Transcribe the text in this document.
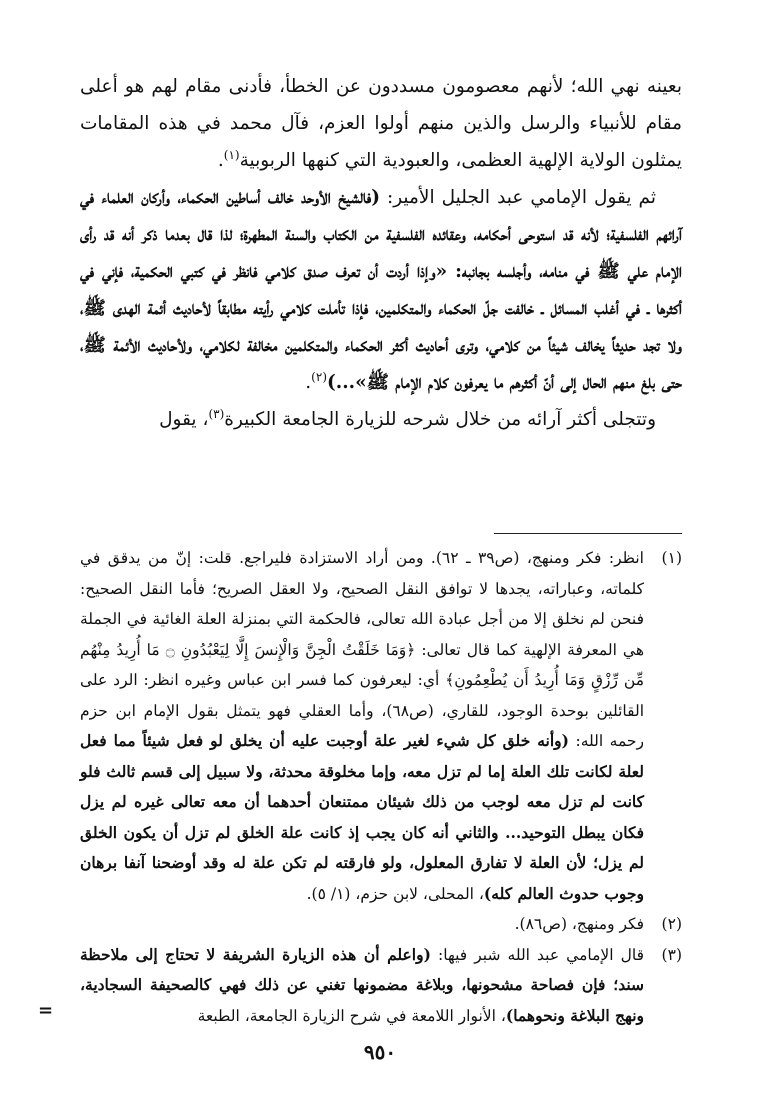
بعينه نهي الله؛ لأنهم معصومون مسددون عن الخطأ، فأدنى مقام لهم هو أعلى مقام للأنبياء والرسل والذين منهم أولوا العزم، فآل محمد في هذه المقامات يمثلون الولاية الإلهية العظمى، والعبودية التي كنهها الربوبية$^{(١)}$.

ثم يقول الإمامي عبد الجليل الأمير: (فالشيخ الأوحد خالف أساطين الحكماء، وأركان العلماء في آرائهم الفلسفية؛ لأنه قد استوحى أحكامه، وعقائده الفلسفية من الكتاب والسنة المطهرة؛ لذا قال بعدما ذكر أنه قد رأى الإمام علي ﷺ في منامه، وأجلسه بجانبه: «وإذا أردت أن تعرف صدق كلامي فانظر في كتبي الحكمية، فإني في أكثرها ـ في أغلب المسائل ـ خالفت جلّ الحكماء والمتكلمين، فإذا تأملت كلامي رأيته مطابقاً لأحاديث أئمة الهدى ﷺ، ولا تجد حديثاً يخالف شيئاً من كلامي، وترى أحاديث أكثر الحكماء والمتكلمين مخالفة لكلامي، ولأحاديث الأئمة ﷺ، حتى بلغ منهم الحال إلى أنّ أكثرهم ما يعرفون كلام الإمام ﷺ»...)$^{(٢)}$.

وتتجلى أكثر آرائه من خلال شرحه للزيارة الجامعة الكبيرة$^{(٣)}$، يقول

(١)
انظر: فكر ومنهج، (ص٣٩ ـ ٦٢). ومن أراد الاستزادة فليراجع. قلت: إنّ من يدقق في كلماته، وعباراته، يجدها لا توافق النقل الصحيح، ولا العقل الصريح؛ فأما النقل الصحيح: فنحن لم نخلق إلا من أجل عبادة الله تعالى، فالحكمة التي بمنزلة العلة الغائية في الجملة هي المعرفة الإلهية كما قال تعالى: ﴿وَمَا خَلَقْتُ الْجِنَّ وَالْإِنسَ إِلَّا لِيَعْبُدُونِ ۝ مَا أُرِيدُ مِنْهُم مِّن رِّزْقٍ وَمَا أُرِيدُ أَن يُطْعِمُونِ﴾ أي: ليعرفون كما فسر ابن عباس وغيره انظر: الرد على القائلين بوحدة الوجود، للقاري، (ص٦٨)، وأما العقلي فهو يتمثل بقول الإمام ابن حزم رحمه الله: (وأنه خلق كل شيء لغير علة أوجبت عليه أن يخلق لو فعل شيئاً مما فعل لعلة لكانت تلك العلة إما لم تزل معه، وإما مخلوقة محدثة، ولا سبيل إلى قسم ثالث فلو كانت لم تزل معه لوجب من ذلك شيئان ممتنعان أحدهما أن معه تعالى غيره لم يزل فكان يبطل التوحيد... والثاني أنه كان يجب إذ كانت علة الخلق لم تزل أن يكون الخلق لم يزل؛ لأن العلة لا تفارق المعلول، ولو فارقته لم تكن علة له وقد أوضحنا آنفا برهان وجوب حدوث العالم كله)، المحلى، لابن حزم، (١/ ٥).
(٢)
فكر ومنهج، (ص٨٦).
(٣)
قال الإمامي عبد الله شبر فيها: (واعلم أن هذه الزيارة الشريفة لا تحتاج إلى ملاحظة سند؛ فإن فصاحة مشحونها، وبلاغة مضمونها تغني عن ذلك فهي كالصحيفة السجادية، ونهج البلاغة ونحوهما)، الأنوار اللامعة في شرح الزيارة الجامعة، الطبعة
=
٩٥٠
